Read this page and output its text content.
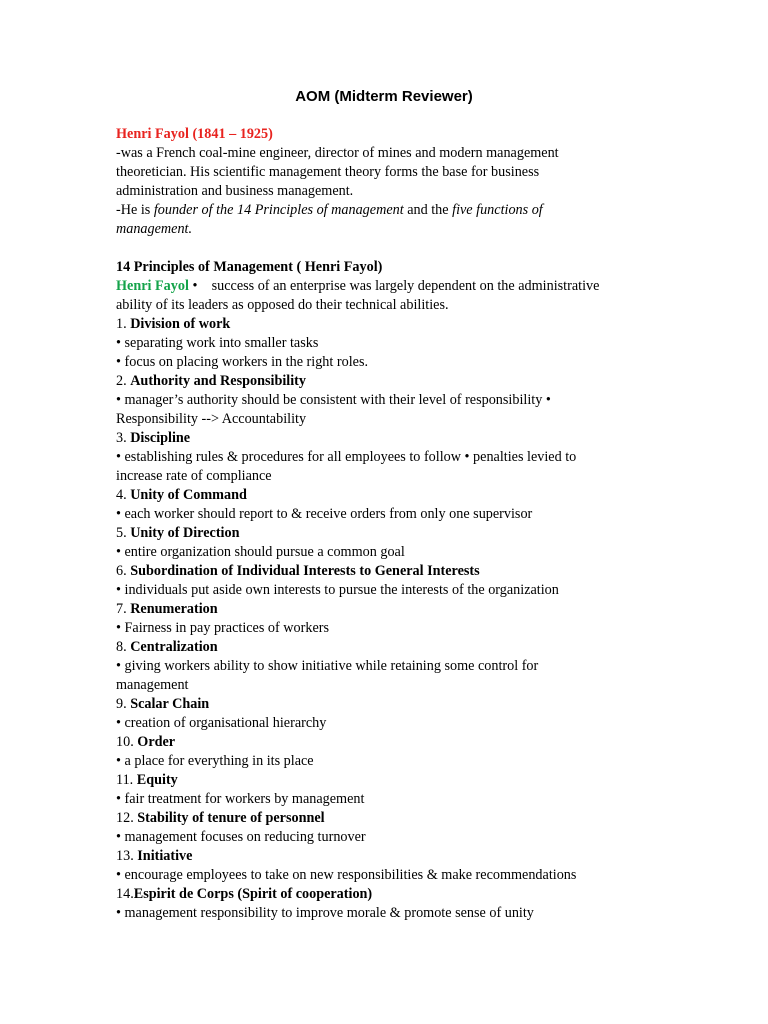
AOM (Midterm Reviewer)
Henri Fayol (1841 – 1925)
-was a French coal-mine engineer, director of mines and modern management
theoretician. His scientific management theory forms the base for business
administration and business management.
-He is founder of the 14 Principles of management and the five functions of
management.
14 Principles of Management ( Henri Fayol)
Henri Fayol •    success of an enterprise was largely dependent on the administrative
ability of its leaders as opposed do their technical abilities.
1. Division of work
• separating work into smaller tasks
• focus on placing workers in the right roles.
2. Authority and Responsibility
• manager’s authority should be consistent with their level of responsibility •
Responsibility --> Accountability
3. Discipline
• establishing rules & procedures for all employees to follow • penalties levied to
increase rate of compliance
4. Unity of Command
• each worker should report to & receive orders from only one supervisor
5. Unity of Direction
• entire organization should pursue a common goal
6. Subordination of Individual Interests to General Interests
• individuals put aside own interests to pursue the interests of the organization
7. Renumeration
• Fairness in pay practices of workers
8. Centralization
• giving workers ability to show initiative while retaining some control for
management
9. Scalar Chain
• creation of organisational hierarchy
10. Order
• a place for everything in its place
11. Equity
• fair treatment for workers by management
12. Stability of tenure of personnel
• management focuses on reducing turnover
13. Initiative
• encourage employees to take on new responsibilities & make recommendations
14.Espirit de Corps (Spirit of cooperation)
• management responsibility to improve morale & promote sense of unity
